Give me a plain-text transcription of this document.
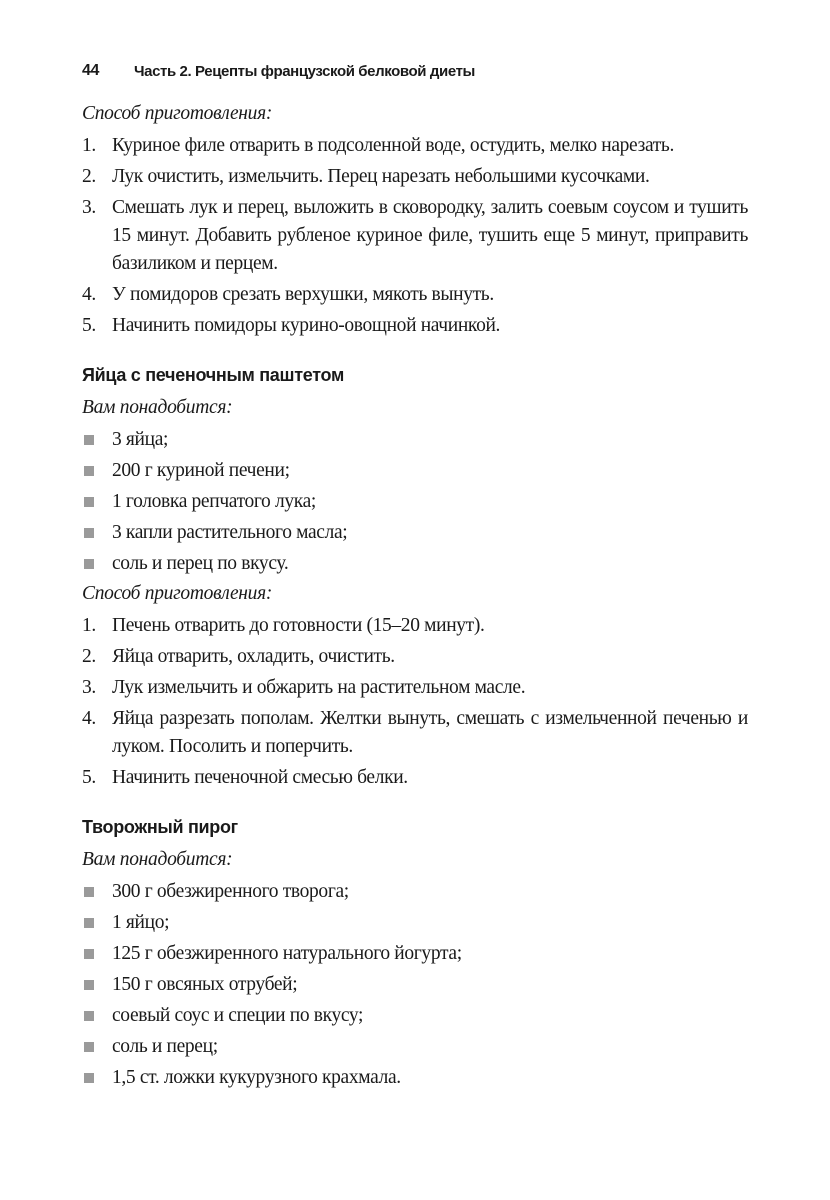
44	Часть 2. Рецепты французской белковой диеты
Способ приготовления:
1. Куриное филе отварить в подсоленной воде, остудить, мелко нарезать.
2. Лук очистить, измельчить. Перец нарезать небольшими кусочками.
3. Смешать лук и перец, выложить в сковородку, залить соевым соусом и тушить 15 минут. Добавить рубленое куриное филе, тушить еще 5 минут, приправить базиликом и перцем.
4. У помидоров срезать верхушки, мякоть вынуть.
5. Начинить помидоры курино-овощной начинкой.
Яйца с печеночным паштетом
Вам понадобится:
3 яйца;
200 г куриной печени;
1 головка репчатого лука;
3 капли растительного масла;
соль и перец по вкусу.
Способ приготовления:
1. Печень отварить до готовности (15–20 минут).
2. Яйца отварить, охладить, очистить.
3. Лук измельчить и обжарить на растительном масле.
4. Яйца разрезать пополам. Желтки вынуть, смешать с измельченной печенью и луком. Посолить и поперчить.
5. Начинить печеночной смесью белки.
Творожный пирог
Вам понадобится:
300 г обезжиренного творога;
1 яйцо;
125 г обезжиренного натурального йогурта;
150 г овсяных отрубей;
соевый соус и специи по вкусу;
соль и перец;
1,5 ст. ложки кукурузного крахмала.
